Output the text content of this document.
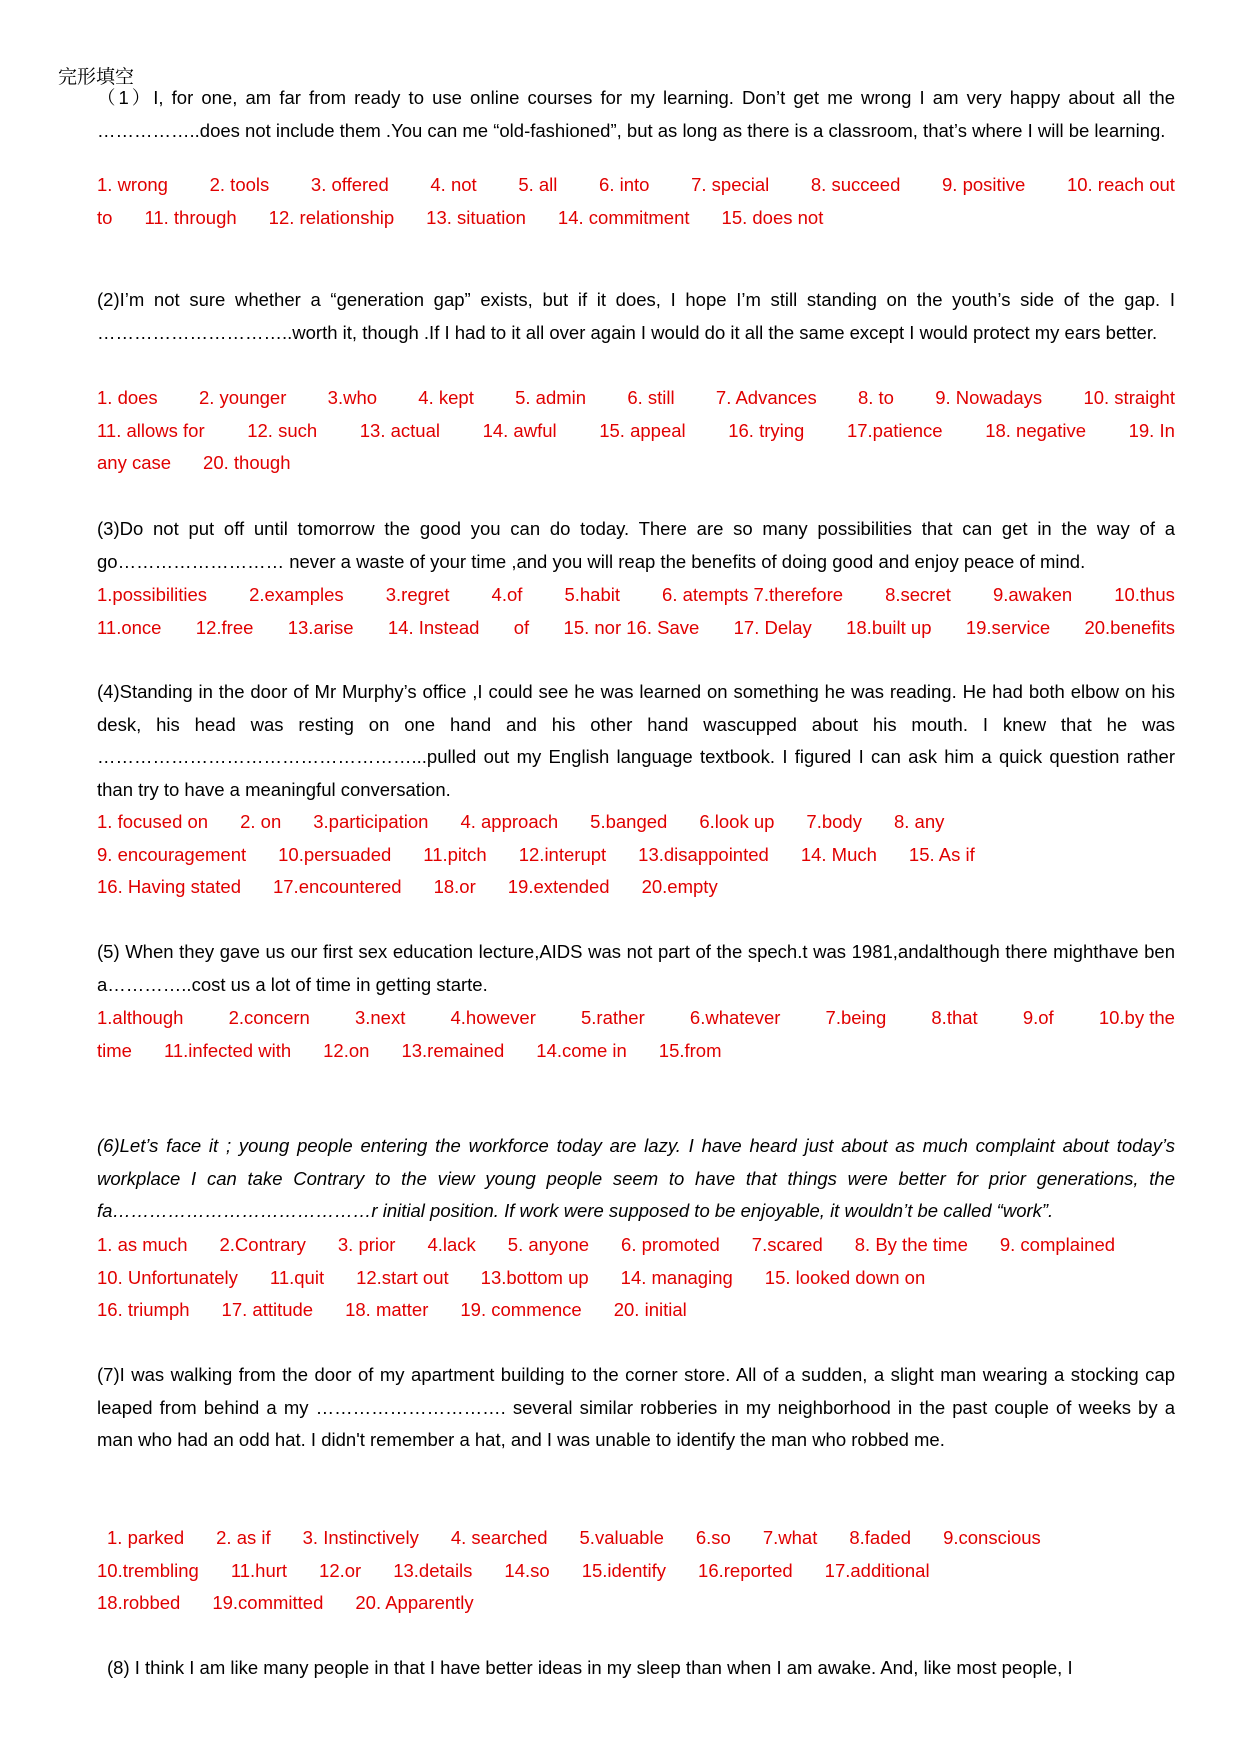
完形填空
（1）I, for one, am far from ready to use online courses for my learning. Don’t get me wrong I am very happy about all the ……………..does not include them .You can me “old-fashioned”, but as long as there is a classroom, that’s where I will be learning.
1. wrong 2. tools 3. offered 4. not 5. all 6. into 7. special 8. succeed 9. positive 10. reach out
to 11. through 12. relationship 13. situation 14. commitment 15. does not
(2)I’m not sure whether a “generation gap” exists, but if it does, I hope I’m still standing on the youth’s side of the gap. I …………………………..worth it, though .If I had to it all over again I would do it all the same except I would protect my ears better.
1. does 2. younger 3.who 4. kept 5. admin 6. still 7. Advances 8. to 9. Nowadays 10. straight
11. allows for 12. such 13. actual 14. awful 15. appeal 16. trying 17.patience 18. negative 19. In
any case 20. though
(3)Do not put off until tomorrow the good you can do today. There are so many possibilities that can get in the way of a go……………………… never a waste of your time ,and you will reap the benefits of doing good and enjoy peace of mind.
1.possibilities 2.examples 3.regret 4.of 5.habit 6. atempts 7.therefore 8.secret 9.awaken 10.thus
11.once 12.free 13.arise 14. Instead of 15. nor 16. Save 17. Delay 18.built up 19.service 20.benefits
(4)Standing in the door of Mr Murphy’s office ,I could see he was learned on something he was reading. He had both elbow on his desk, his head was resting on one hand and his other hand wascupped about his mouth. I knew that he was ……………………………………………...pulled out my English language textbook. I figured I can ask him a quick question rather than try to have a meaningful conversation.
1. focused on 2. on 3.participation 4. approach 5.banged 6.look up 7.body 8. any
9. encouragement 10.persuaded 11.pitch 12.interupt 13.disappointed 14. Much 15. As if
16. Having stated 17.encountered 18.or 19.extended 20.empty
(5) When they gave us our first sex education lecture,AIDS was not part of the spech.t was 1981,andalthough there mighthave ben a…………..cost us a lot of time in getting starte.
1.although 2.concern 3.next 4.however 5.rather 6.whatever 7.being 8.that 9.of 10.by the
time 11.infected with 12.on 13.remained 14.come in 15.from
(6)Let’s face it ; young people entering the workforce today are lazy. I have heard just about as much complaint about today’s workplace I can take Contrary to the view young people seem to have that things were better for prior generations, the fa……………………………………r initial position. If work were supposed to be enjoyable, it wouldn’t be called “work”.
1. as much 2.Contrary 3. prior 4.lack 5. anyone 6. promoted 7.scared 8. By the time 9. complained
10. Unfortunately 11.quit 12.start out 13.bottom up 14. managing 15. looked down on
16. triumph 17. attitude 18. matter 19. commence 20. initial
(7)I was walking from the door of my apartment building to the corner store. All of a sudden, a slight man wearing a stocking cap leaped from behind a my …………………………. several similar robberies in my neighborhood in the past couple of weeks by a man who had an odd hat. I didn't remember a hat, and I was unable to identify the man who robbed me.
1. parked 2. as if 3. Instinctively 4. searched 5.valuable 6.so 7.what 8.faded 9.conscious
10.trembling 11.hurt 12.or 13.details 14.so 15.identify 16.reported 17.additional
18.robbed 19.committed 20. Apparently
(8) I think I am like many people in that I have better ideas in my sleep than when I am awake. And, like most people, I
